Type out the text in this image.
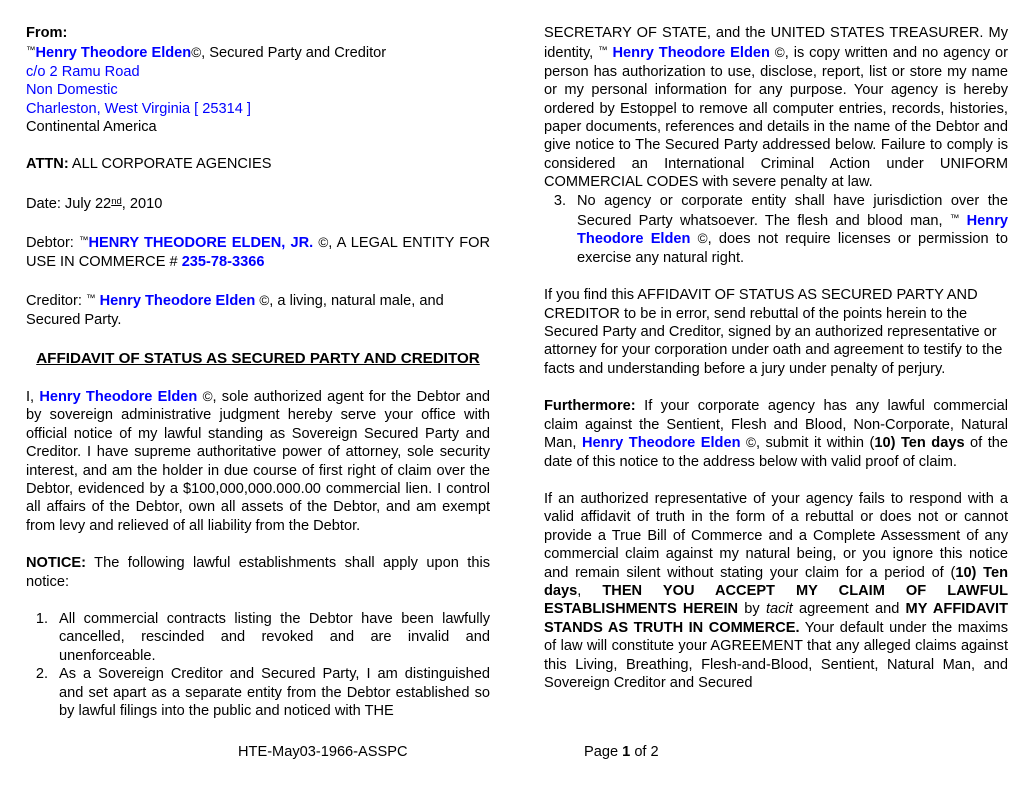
From:
™Henry Theodore Elden©, Secured Party and Creditor
c/o 2 Ramu Road
Non Domestic
Charleston, West Virginia [ 25314 ]
Continental America

ATTN: ALL CORPORATE AGENCIES

Date: July 22nd, 2010

Debtor: ™HENRY THEODORE ELDEN, JR. ©, A LEGAL ENTITY FOR USE IN COMMERCE # 235-78-3366

Creditor: ™ Henry Theodore Elden ©, a living, natural male, and Secured Party.

AFFIDAVIT OF STATUS AS SECURED PARTY AND CREDITOR

I, Henry Theodore Elden ©, sole authorized agent for the Debtor and by sovereign administrative judgment hereby serve your office with official notice of my lawful standing as Sovereign Secured Party and Creditor. I have supreme authoritative power of attorney, sole security interest, and am the holder in due course of first right of claim over the Debtor, evidenced by a $100,000,000.000.00 commercial lien. I control all affairs of the Debtor, own all assets of the Debtor, and am exempt from levy and relieved of all liability from the Debtor.

NOTICE: The following lawful establishments shall apply upon this notice:

1. All commercial contracts listing the Debtor have been lawfully cancelled, rescinded and revoked and are invalid and unenforceable.
2. As a Sovereign Creditor and Secured Party, I am distinguished and set apart as a separate entity from the Debtor established so by lawful filings into the public and noticed with THE
SECRETARY OF STATE, and the UNITED STATES TREASURER. My identity, ™ Henry Theodore Elden ©, is copy written and no agency or person has authorization to use, disclose, report, list or store my name or my personal information for any purpose. Your agency is hereby ordered by Estoppel to remove all computer entries, records, histories, paper documents, references and details in the name of the Debtor and give notice to The Secured Party addressed below. Failure to comply is considered an International Criminal Action under UNIFORM COMMERCIAL CODES with severe penalty at law.
3. No agency or corporate entity shall have jurisdiction over the Secured Party whatsoever. The flesh and blood man, ™ Henry Theodore Elden ©, does not require licenses or permission to exercise any natural right.

If you find this AFFIDAVIT OF STATUS AS SECURED PARTY AND CREDITOR to be in error, send rebuttal of the points herein to the Secured Party and Creditor, signed by an authorized representative or attorney for your corporation under oath and agreement to testify to the facts and understanding before a jury under penalty of perjury.

Furthermore: If your corporate agency has any lawful commercial claim against the Sentient, Flesh and Blood, Non-Corporate, Natural Man, Henry Theodore Elden ©, submit it within (10) Ten days of the date of this notice to the address below with valid proof of claim.

If an authorized representative of your agency fails to respond with a valid affidavit of truth in the form of a rebuttal or does not or cannot provide a True Bill of Commerce and a Complete Assessment of any commercial claim against my natural being, or you ignore this notice and remain silent without stating your claim for a period of (10) Ten days, THEN YOU ACCEPT MY CLAIM OF LAWFUL ESTABLISHMENTS HEREIN by tacit agreement and MY AFFIDAVIT STANDS AS TRUTH IN COMMERCE. Your default under the maxims of law will constitute your AGREEMENT that any alleged claims against this Living, Breathing, Flesh-and-Blood, Sentient, Natural Man, and Sovereign Creditor and Secured

HTE-May03-1966-ASSPC	Page 1 of 2
